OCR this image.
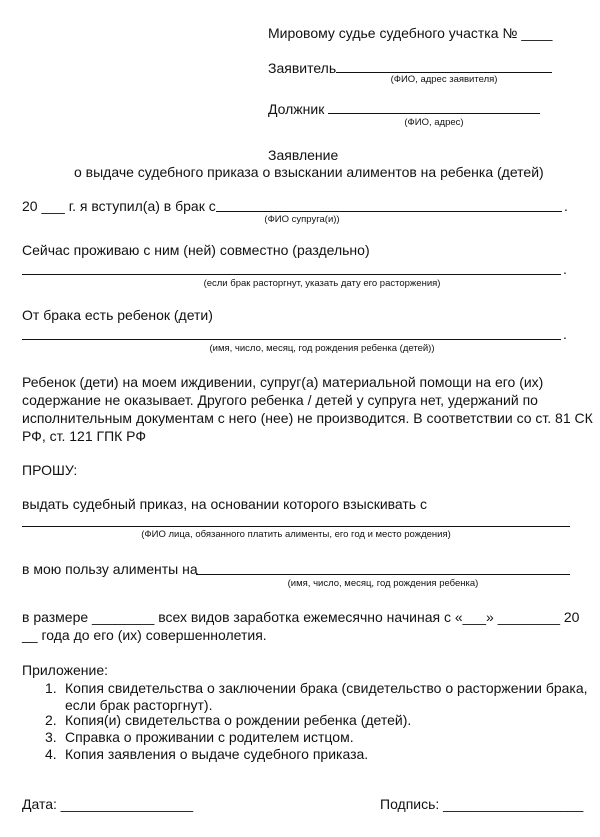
Мировому судье судебного участка № ____
Заявитель
(ФИО, адрес заявителя)
Должник
(ФИО, адрес)
Заявление
о выдаче судебного приказа о взыскании алиментов на ребенка (детей)
20 ___ г. я вступил(а) в брак с	.
(ФИО супруга(и))
Сейчас проживаю с ним (ней) совместно (раздельно)
.
(если брак расторгнут, указать дату его расторжения)
От брака есть ребенок (дети)
.
(имя, число, месяц, год рождения ребенка (детей))
Ребенок (дети) на моем иждивении, супруг(а) материальной помощи на его (их)
содержание не оказывает. Другого ребенка / детей у супруга нет, удержаний по
исполнительным документам с него (нее) не производится. В соответствии со ст. 81 СК
РФ, ст. 121 ГПК РФ
ПРОШУ:
выдать судебный приказ, на основании которого взыскивать с
(ФИО лица, обязанного платить алименты, его год и место рождения)
в мою пользу алименты на
(имя, число, месяц, год рождения ребенка)
в размере ________ всех видов заработка ежемесячно начиная с «___» ________ 20
__ года до его (их) совершеннолетия.
Приложение:
1. Копия свидетельства о заключении брака (свидетельство о расторжении брака,
если брак расторгнут).
2. Копия(и) свидетельства о рождении ребенка (детей).
3. Справка о проживании с родителем истцом.
4. Копия заявления о выдаче судебного приказа.
Дата: _________________	Подпись: __________________
